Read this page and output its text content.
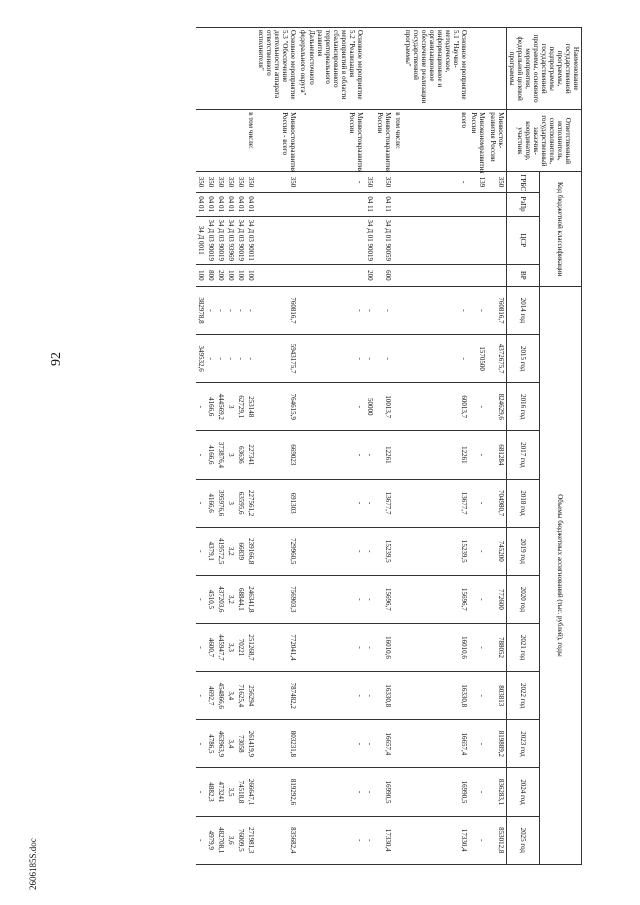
92
2606185S.doc
Наименование государственной программы, подпрограммы государственной программы, основного мероприятия, федеральной целевой программы	Ответственный исполнитель, соисполнитель, государственный заказчик-координатор, участник	Код бюджетной классификации				Объемы бюджетных ассигнований (тыс. рублей), годы											
		ГРБС	РзПр	ЦСР	ВР	2014 год	2015 год	2016 год	2017 год	2018 год	2019 год	2020 год	2021 год	2022 год	2023 год	2024 год	2025 год
	Минвосток-развития России	350				760816,7	4372675,7	824629,6	681284	704980,7	745200	772600	788052	803813	819889,2	836283,1	853012,8
	Минэкономразвития России	139				-	1570500	-	-	-	-	-	-	-	-	-	-
Основное мероприятие 5.1 "Научно-методическое, информационное и организационное обеспечение реализации государственной программы"	всего	-				-	-	60013,7	12261	13677,7	15239,5	15696,7	16010,6	16330,8	16657,4	16990,5	17330,4
	в том числе:																
	Минвостокразвития России	350	04 11	34 Д 01 90059	600	-	-	10013,7	12261	13677,7	15239,5	15696,7	16010,6	16330,8	16657,4	16990,5	17330,4
		350	04 11	34 Д 01 90019	200	-	-	50000	-	-	-	-	-	-	-	-	-
Основное мероприятие 5.2 "Реализация мероприятий в области сбалансированного территориального развития Дальневосточного федерального округа"	Минвостокразвития России	-				-	-	-	-	-	-	-	-	-	-	-	-
Основное мероприятие 5.3 "Обеспечение деятельности аппарата ответственного исполнителя"	Минвостокразвития России - всего	350				760816,7	5943175,7	764615,9	669023	691303	729960,5	756903,3	772041,4	787482,2	803231,8	819292,6	835682,4
	в том числе:	350	04 01	34 Д 03 90011	100	-	-	253148	227341	227561,2	239166,8	246341,8	251268,7	256294	261419,9	266647,1	271981,3
		350	04 01	34 Д 03 90019	100	-	-	62729,1	63636	63595,6	66839	68844,1	70221	71625,4	73058	74518,8	76009,5
		350	04 01	34 Д 03 93969	100	-	-	3	3	3	3,2	3,2	3,3	3,4	3,4	3,5	3,6
		350	04 01	34 Д 03 90019	200	-	-	444569,2	373876,4	395976,6	419572,5	437203,6	445947,7	454866,6	463963,9	473241	482708,1
		350	04 01	34 Д 03 90019	800	-	-	4166,6	4166,6	4166,6	4379,1	4510,5	4600,7	4692,7	4786,5	4882,3	4979,9
		350	04 01	34 Д 0011	100	382978,8	349532,6	-	-	-	-	-	-	-	-	-	-
